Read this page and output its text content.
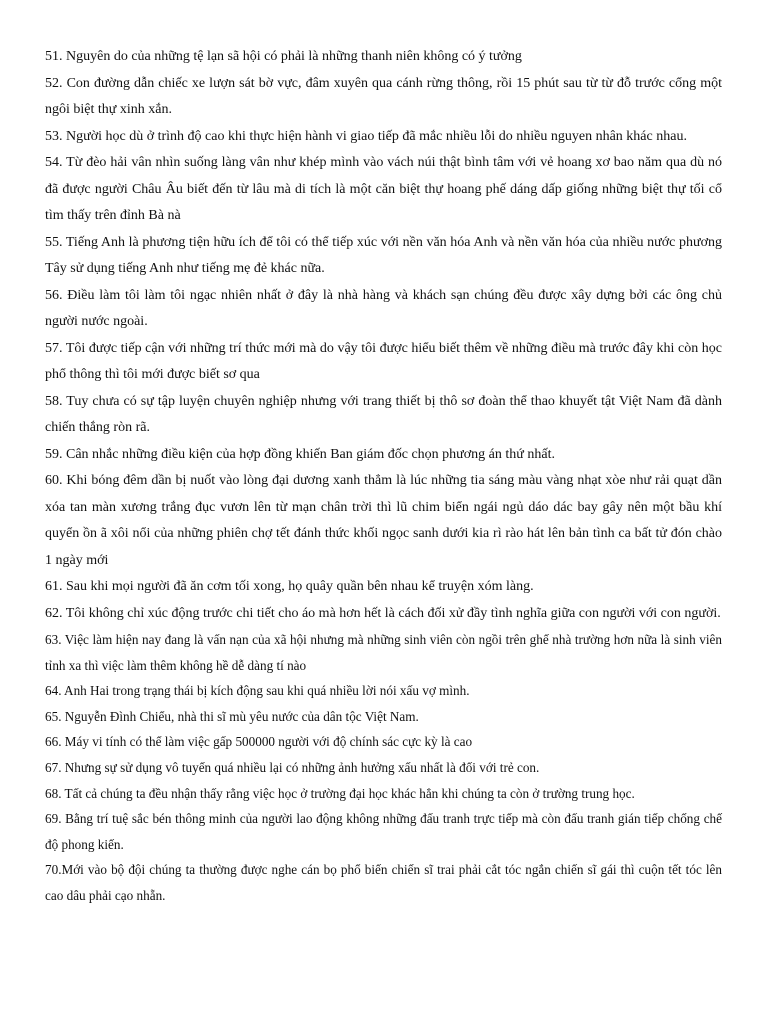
51. Nguyên do của những tệ lạn sã hội có phải là những thanh niên không có ý tưởng

52. Con đường dẫn chiếc xe lượn sát bờ vực, đâm xuyên qua cánh rừng thông, rồi 15 phút sau từ từ đỗ trước cổng một ngôi biệt thự xinh xắn.

53. Người học dù ở trình độ cao khi thực hiện hành vi giao tiếp đã mắc nhiều lỗi do nhiều nguyen nhân khác nhau.

54. Từ đèo hải vân nhìn suống làng vân như khép mình vào vách núi thật bình tâm với vẻ hoang xơ bao năm qua dù nó đã được người Châu Âu biết đến từ lâu mà di tích là một căn biệt thự hoang phế dáng dấp giống những biệt thự tối cổ tìm thấy trên đỉnh Bà nà

55. Tiếng Anh là phương tiện hữu ích để tôi có thể tiếp xúc với nền văn hóa Anh và nền văn hóa của nhiều nước phương Tây sử dụng tiếng Anh như tiếng mẹ đẻ khác nữa.

56. Điều làm tôi làm tôi ngạc nhiên nhất ở đây là nhà hàng và khách sạn chúng đều được xây dựng bởi các ông chủ người nước ngoài.

57. Tôi được tiếp cận với những trí thức mới mà do vậy tôi được hiểu biết thêm về những điều mà trước đây khi còn học phổ thông thì tôi mới được biết sơ qua

58. Tuy chưa có sự tập luyện chuyên nghiệp nhưng với trang thiết bị thô sơ đoàn thể thao khuyết tật Việt Nam đã dành chiến thắng ròn rã.

59. Cân nhắc những điều kiện của hợp đồng khiến Ban giám đốc chọn phương án thứ nhất.

60. Khi bóng đêm dần bị nuốt vào lòng đại dương xanh thẳm là lúc những tia sáng màu vàng nhạt xòe như rải quạt dần xóa tan màn xương trắng đục vươn lên từ mạn chân trời thì lũ chim biển ngái ngủ dáo dác bay gây nên một bầu khí quyển ồn ã xôi nổi của những phiên chợ tết đánh thức khối ngọc sanh dưới kia rì rào hát lên bản tình ca bất tử đón chào 1 ngày mới

61. Sau khi mọi người đã ăn cơm tối xong, họ quây quần bên nhau kể truyện xóm làng.

62. Tôi không chỉ xúc động trước chi tiết cho áo mà hơn hết là cách đối xử đầy tình nghĩa giữa con người với con người.

63. Việc làm hiện nay đang là vấn nạn của xã hội nhưng mà những sinh viên còn ngồi trên ghế nhà trường hơn nữa là sinh viên tỉnh xa thì việc làm thêm không hề dễ dàng tí nào

64. Anh Hai trong trạng thái bị kích động sau khi quá nhiều lời nói xấu vợ mình.

65. Nguyễn Đình Chiểu, nhà thi sĩ mù yêu nước của dân tộc Việt Nam.

66. Máy vi tính có thể làm việc gấp 500000 người với độ chính sác cực kỳ là cao

67. Nhưng sự sử dụng vô tuyến quá nhiều lại có những ảnh hưởng xấu nhất là đối với trẻ con.

68. Tất cả chúng ta đều nhận thấy rằng việc học ở trường đại học khác hẳn khi chúng ta còn ở trường trung học.

69. Bằng trí tuệ sắc bén thông minh của người lao động không những đấu tranh trực tiếp mà còn đấu tranh gián tiếp chống chế độ phong kiến.

70.Mới vào bộ đội chúng ta thường được nghe cán bọ phổ biến chiến sĩ trai phải cắt tóc ngắn chiến sĩ gái thì cuộn tết tóc lên cao dâu phải cạo nhẵn.
